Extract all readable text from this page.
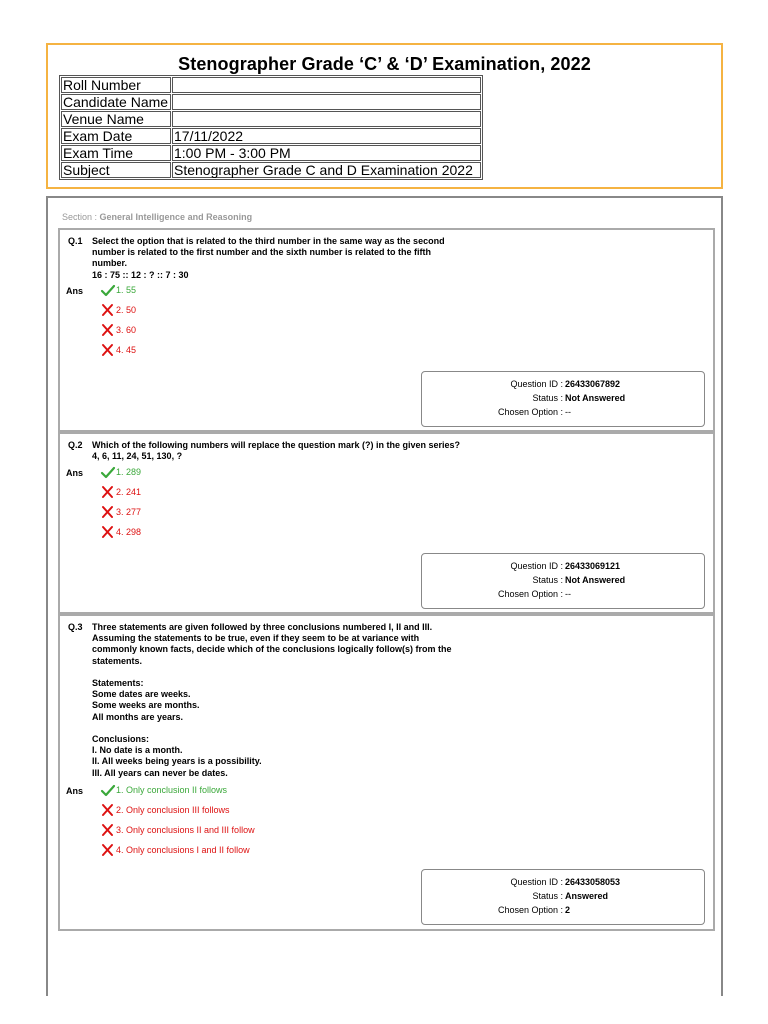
Stenographer Grade ‘C’ & ‘D’ Examination, 2022
Roll Number	
Candidate Name	
Venue Name	
Exam Date	17/11/2022
Exam Time	1:00 PM - 3:00 PM
Subject	Stenographer Grade C and D Examination 2022
Section : General Intelligence and Reasoning
Q.1 Select the option that is related to the third number in the same way as the second
number is related to the first number and the sixth number is related to the fifth
number.
16 : 75 :: 12 : ? :: 7 : 30
Ans	1. 55
2. 50
3. 60
4. 45
Question ID : 26433067892
Status : Not Answered
Chosen Option : --
Q.2 Which of the following numbers will replace the question mark (?) in the given series?
4, 6, 11, 24, 51, 130, ?
Ans	1. 289
2. 241
3. 277
4. 298
Question ID : 26433069121
Status : Not Answered
Chosen Option : --
Q.3 Three statements are given followed by three conclusions numbered I, II and III.
Assuming the statements to be true, even if they seem to be at variance with
commonly known facts, decide which of the conclusions logically follow(s) from the
statements.

Statements:
Some dates are weeks.
Some weeks are months.
All months are years.

Conclusions:
I. No date is a month.
II. All weeks being years is a possibility.
III. All years can never be dates.
Ans	1. Only conclusion II follows
2. Only conclusion III follows
3. Only conclusions II and III follow
4. Only conclusions I and II follow
Question ID : 26433058053
Status : Answered
Chosen Option : 2
